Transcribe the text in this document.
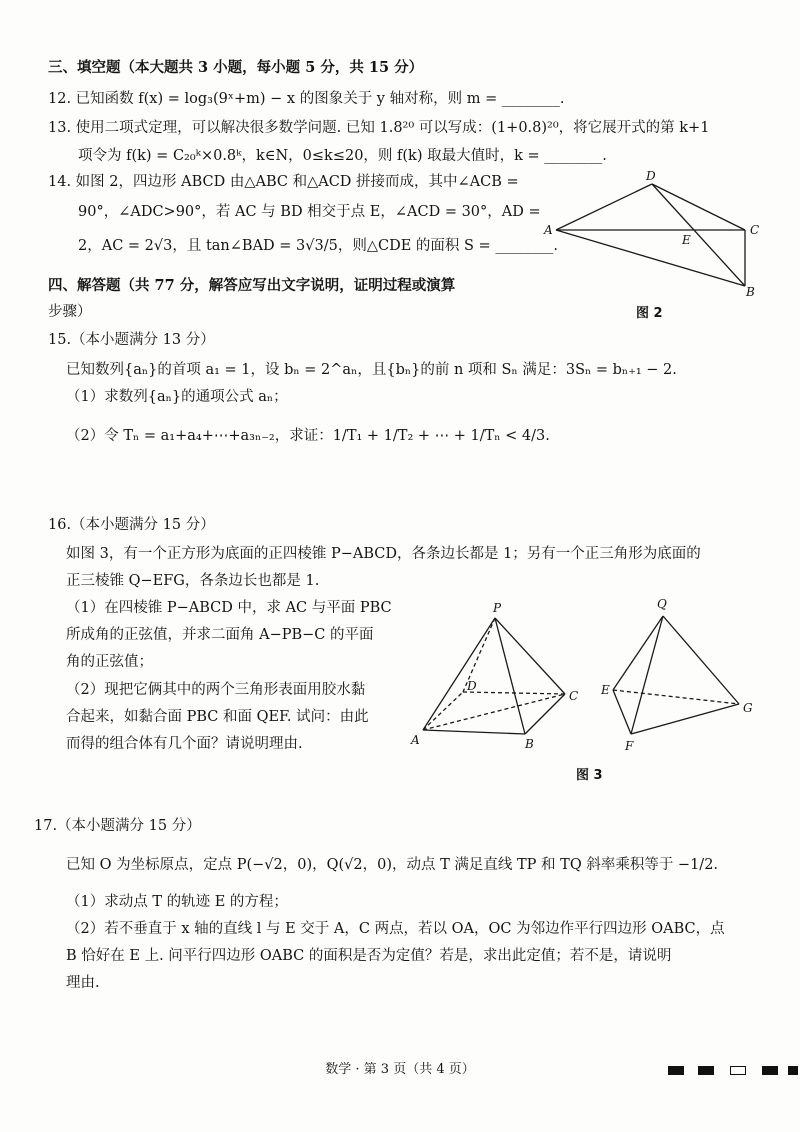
三、填空题（本大题共 3 小题，每小题 5 分，共 15 分）
12. 已知函数 f(x) = log₃(9ˣ+m) − x 的图象关于 y 轴对称，则 m = ________.
13. 使用二项式定理，可以解决很多数学问题. 已知 1.8²⁰ 可以写成：(1+0.8)²⁰，将它展开式的第 k+1
项令为 f(k) = C₂₀ᵏ×0.8ᵏ，k∈N，0≤k≤20，则 f(k) 取最大值时，k = ________.
14. 如图 2，四边形 ABCD 由△ABC 和△ACD 拼接而成，其中∠ACB =
90°，∠ADC>90°，若 AC 与 BD 相交于点 E，∠ACD = 30°，AD =
2，AC = 2√3，且 tan∠BAD = 3√3/5，则△CDE 的面积 S = ________.
四、解答题（共 77 分，解答应写出文字说明，证明过程或演算
步骤）
15.（本小题满分 13 分）
已知数列{aₙ}的首项 a₁ = 1，设 bₙ = 2^aₙ，且{bₙ}的前 n 项和 Sₙ 满足：3Sₙ = bₙ₊₁ − 2.
（1）求数列{aₙ}的通项公式 aₙ；
（2）令 Tₙ = a₁+a₄+⋯+a₃ₙ₋₂，求证：1/T₁ + 1/T₂ + ⋯ + 1/Tₙ < 4/3.
16.（本小题满分 15 分）
如图 3，有一个正方形为底面的正四棱锥 P−ABCD，各条边长都是 1；另有一个正三角形为底面的
正三棱锥 Q−EFG，各条边长也都是 1.
（1）在四棱锥 P−ABCD 中，求 AC 与平面 PBC
所成角的正弦值，并求二面角 A−PB−C 的平面
角的正弦值；
（2）现把它俩其中的两个三角形表面用胶水黏
合起来，如黏合面 PBC 和面 QEF. 试问：由此
而得的组合体有几个面？请说明理由.
17.（本小题满分 15 分）
已知 O 为坐标原点，定点 P(−√2，0)，Q(√2，0)，动点 T 满足直线 TP 和 TQ 斜率乘积等于 −1/2.
（1）求动点 T 的轨迹 E 的方程；
（2）若不垂直于 x 轴的直线 l 与 E 交于 A，C 两点，若以 OA，OC 为邻边作平行四边形 OABC，点
B 恰好在 E 上. 问平行四边形 OABC 的面积是否为定值？若是，求出此定值；若不是，请说明
理由.
A
D
C
B
E
图 2
P
A	B
C
D
Q
E
F
G
图 3
数学 · 第 3 页（共 4 页）
